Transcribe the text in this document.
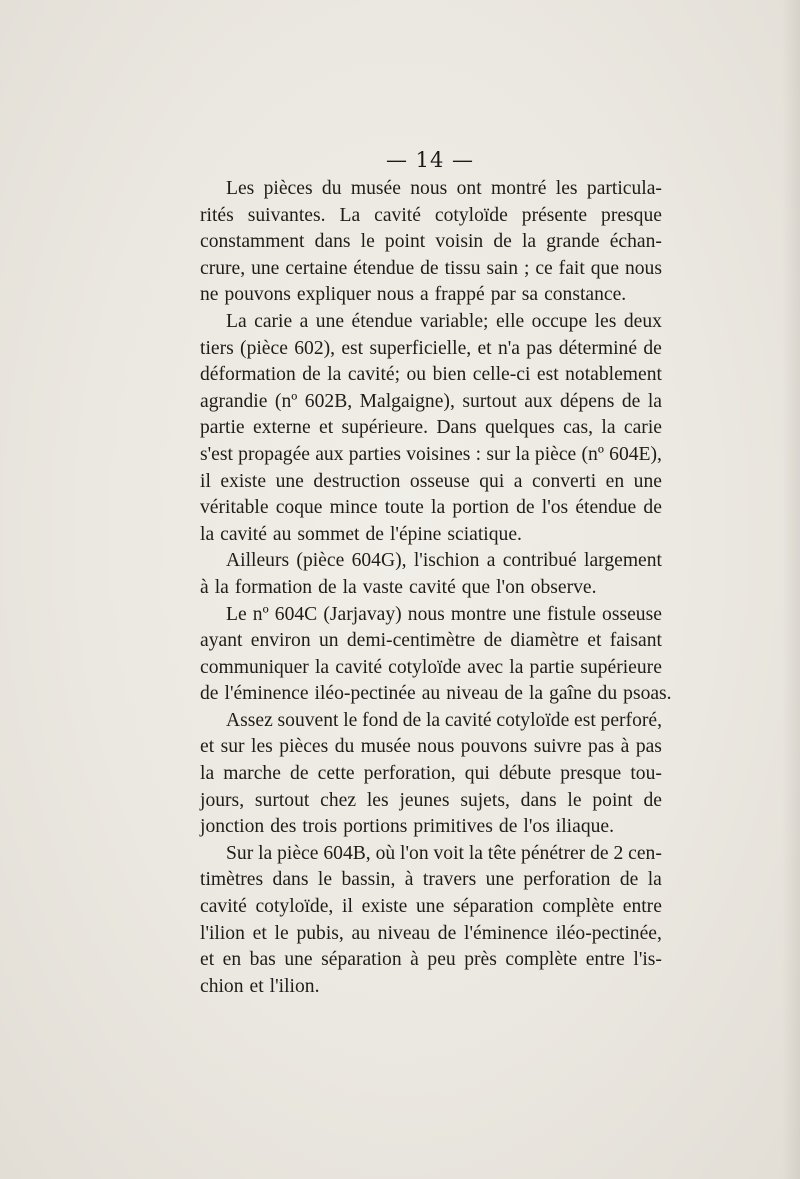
— 14 —
Les pièces du musée nous ont montré les particula-
rités suivantes. La cavité cotyloïde présente presque
constamment dans le point voisin de la grande échan-
crure, une certaine étendue de tissu sain ; ce fait que nous
ne pouvons expliquer nous a frappé par sa constance.
La carie a une étendue variable; elle occupe les deux
tiers (pièce 602), est superficielle, et n'a pas déterminé de
déformation de la cavité; ou bien celle-ci est notablement
agrandie (nº 602B, Malgaigne), surtout aux dépens de la
partie externe et supérieure. Dans quelques cas, la carie
s'est propagée aux parties voisines : sur la pièce (nº 604E),
il existe une destruction osseuse qui a converti en une
véritable coque mince toute la portion de l'os étendue de
la cavité au sommet de l'épine sciatique.
Ailleurs (pièce 604G), l'ischion a contribué largement
à la formation de la vaste cavité que l'on observe.
Le nº 604C (Jarjavay) nous montre une fistule osseuse
ayant environ un demi-centimètre de diamètre et faisant
communiquer la cavité cotyloïde avec la partie supérieure
de l'éminence iléo-pectinée au niveau de la gaîne du psoas.
Assez souvent le fond de la cavité cotyloïde est perforé,
et sur les pièces du musée nous pouvons suivre pas à pas
la marche de cette perforation, qui débute presque tou-
jours, surtout chez les jeunes sujets, dans le point de
jonction des trois portions primitives de l'os iliaque.
Sur la pièce 604B, où l'on voit la tête pénétrer de 2 cen-
timètres dans le bassin, à travers une perforation de la
cavité cotyloïde, il existe une séparation complète entre
l'ilion et le pubis, au niveau de l'éminence iléo-pectinée,
et en bas une séparation à peu près complète entre l'is-
chion et l'ilion.
